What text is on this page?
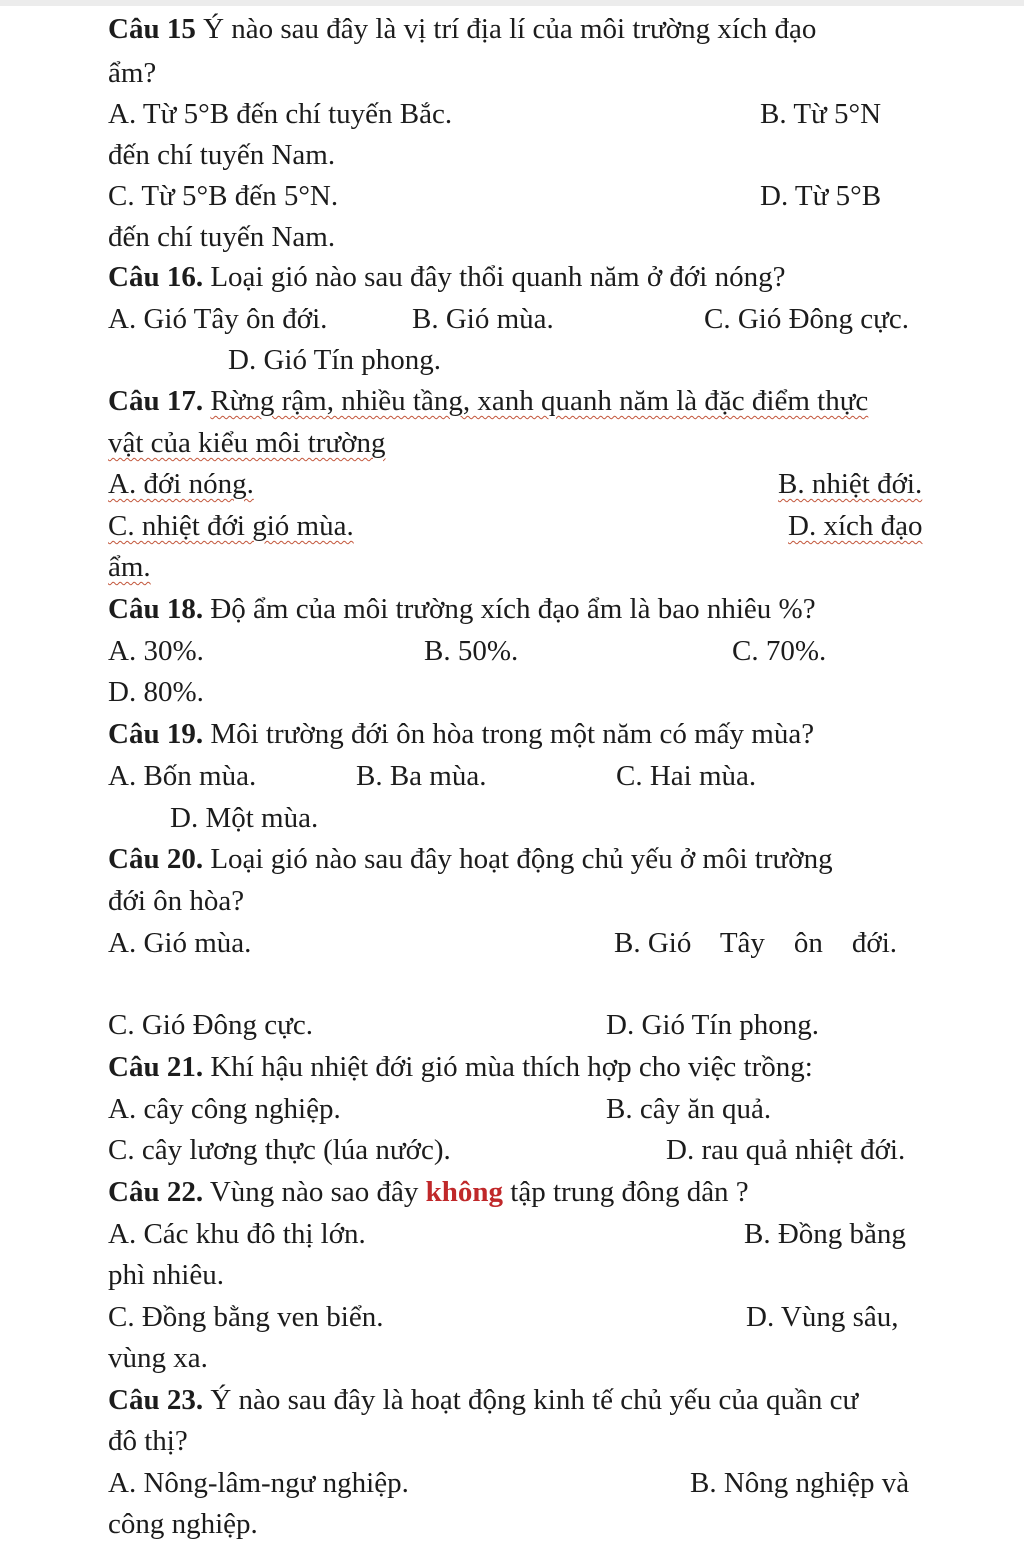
Câu 15 Ý nào sau đây là vị trí địa lí của môi trường xích đạo
ẩm?
A. Từ 5°B đến chí tuyến Bắc.	B. Từ 5°N
đến chí tuyến Nam.
C. Từ 5°B đến 5°N.	D. Từ 5°B
đến chí tuyến Nam.
Câu 16. Loại gió nào sau đây thổi quanh năm ở đới nóng?
A. Gió Tây ôn đới.	B. Gió mùa.	C. Gió Đông cực.
D. Gió Tín phong.
Câu 17. Rừng rậm, nhiều tầng, xanh quanh năm là đặc điểm thực
vật của kiểu môi trường
A. đới nóng.	B. nhiệt đới.
C. nhiệt đới gió mùa.	D. xích đạo
ẩm.
Câu 18. Độ ẩm của môi trường xích đạo ẩm là bao nhiêu %?
A. 30%.	B. 50%.	C. 70%.
D. 80%.
Câu 19. Môi trường đới ôn hòa trong một năm có mấy mùa?
A. Bốn mùa.	B. Ba mùa.	C. Hai mùa.
D. Một mùa.
Câu 20. Loại gió nào sau đây hoạt động chủ yếu ở môi trường
đới ôn hòa?
A. Gió mùa.	B. Gió    Tây    ôn    đới.
C. Gió Đông cực.	D. Gió Tín phong.
Câu 21. Khí hậu nhiệt đới gió mùa thích hợp cho việc trồng:
A. cây công nghiệp.	B. cây ăn quả.
C. cây lương thực (lúa nước).	D. rau quả nhiệt đới.
Câu 22. Vùng nào sao đây không tập trung đông dân ?
A. Các khu đô thị lớn.	B. Đồng bằng
phì nhiêu.
C. Đồng bằng ven biển.	D. Vùng sâu,
vùng xa.
Câu 23. Ý nào sau đây là hoạt động kinh tế chủ yếu của quần cư
đô thị?
A. Nông-lâm-ngư nghiệp.	B. Nông nghiệp và
công nghiệp.
